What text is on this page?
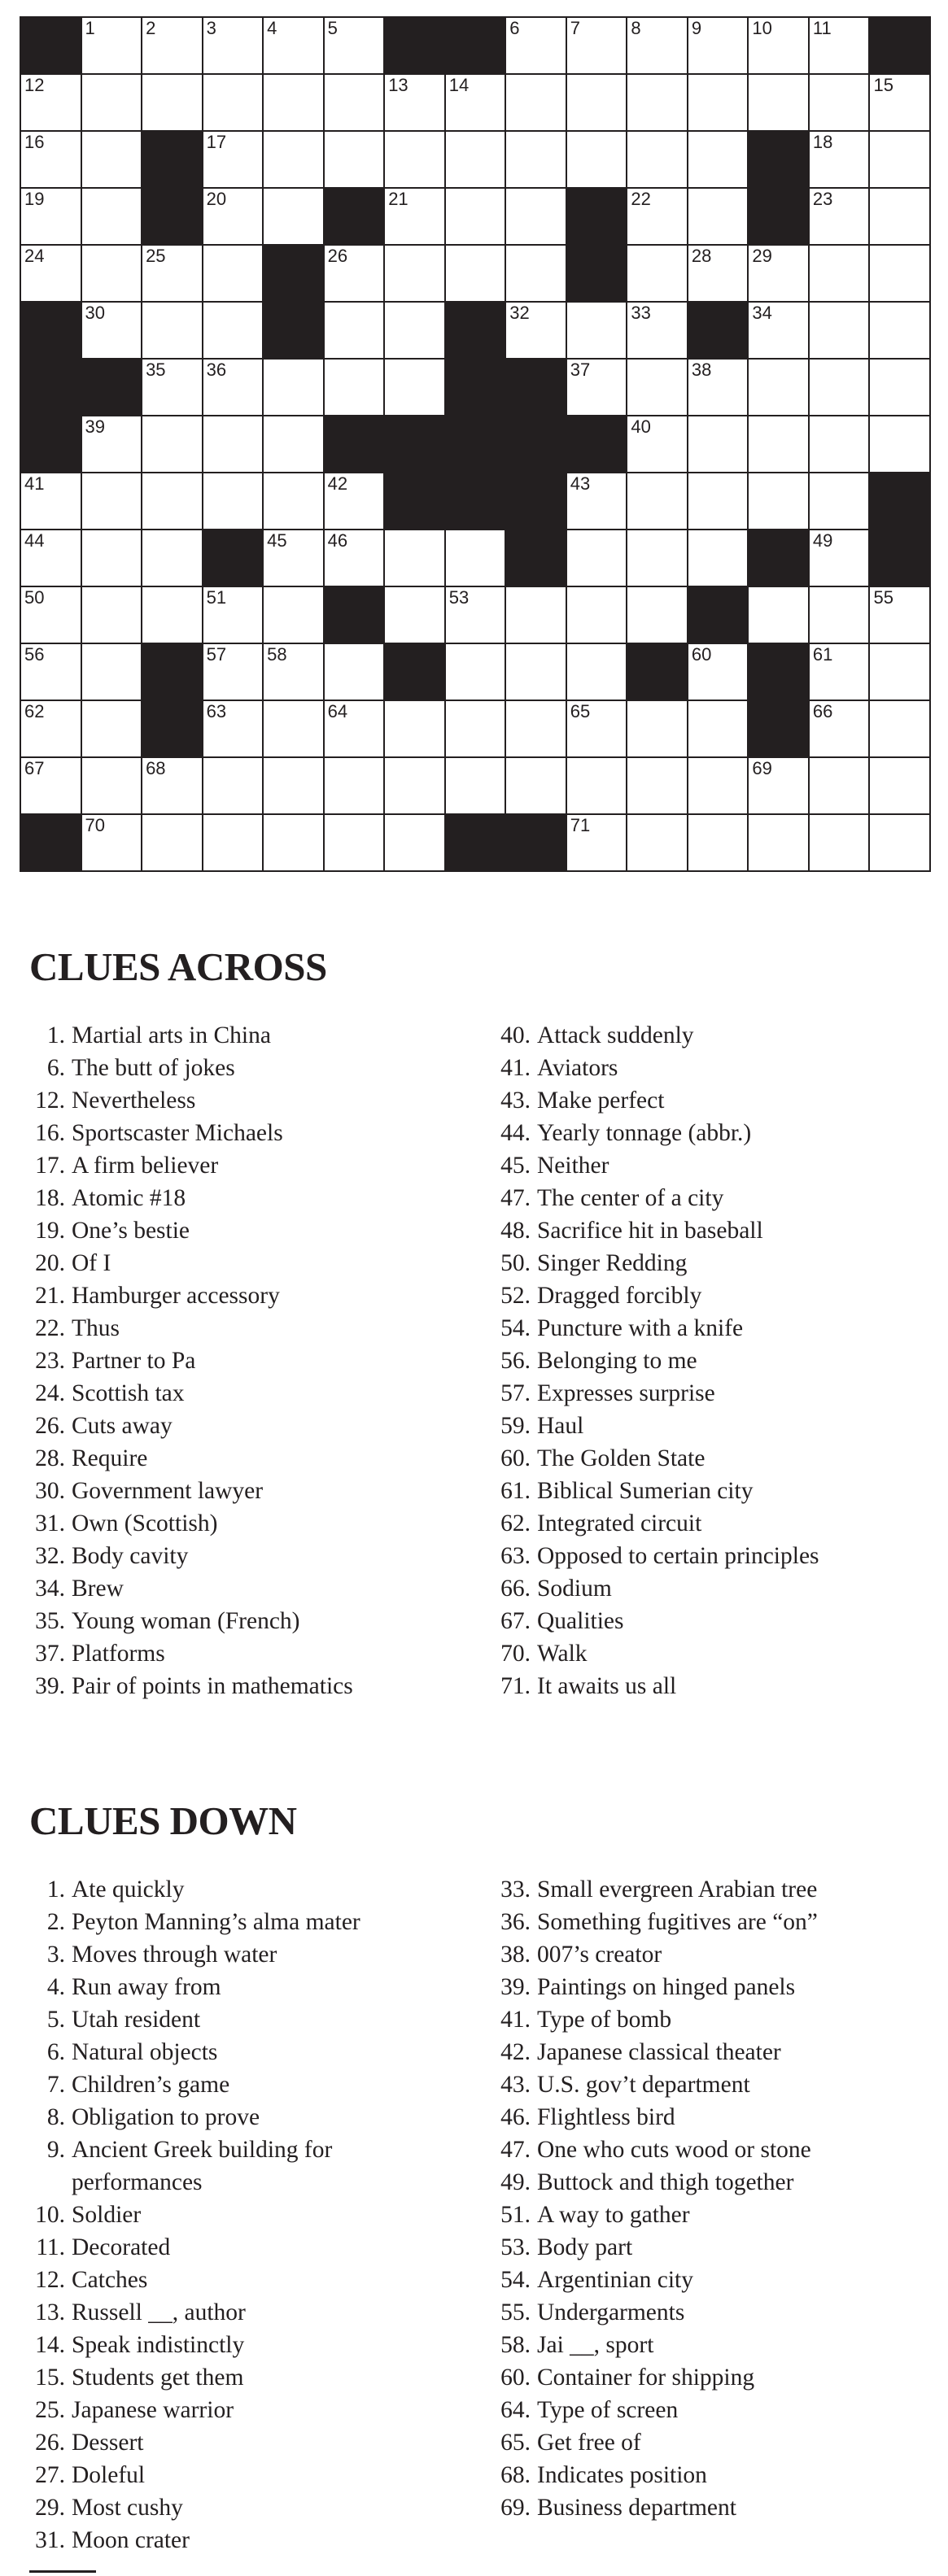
1	2	3	4	5	6	7	8	9	10 11
12	13 14	15
16	17	18
19	20	21	22	23
24	25	26	28 29
30	32	33	34
35 36	37	38
39	40
41	42	43
44	45 46	49
50	51	53	55
56	57 58	60	61
62	63	64	65	66
67	68	69
70	71
CLUES ACROSS
1. Martial arts in China
6. The butt of jokes
12. Nevertheless
16. Sportscaster Michaels
17. A firm believer
18. Atomic #18
19. One’s bestie
20. Of I
21. Hamburger accessory
22. Thus
23. Partner to Pa
24. Scottish tax
26. Cuts away
28. Require
30. Government lawyer
31. Own (Scottish)
32. Body cavity
34. Brew
35. Young woman (French)
37. Platforms
39. Pair of points in mathematics
40. Attack suddenly
41. Aviators
43. Make perfect
44. Yearly tonnage (abbr.)
45. Neither
47. The center of a city
48. Sacrifice hit in baseball
50. Singer Redding
52. Dragged forcibly
54. Puncture with a knife
56. Belonging to me
57. Expresses surprise
59. Haul
60. The Golden State
61. Biblical Sumerian city
62. Integrated circuit
63. Opposed to certain principles
66. Sodium
67. Qualities
70. Walk
71. It awaits us all
CLUES DOWN
1. Ate quickly
2. Peyton Manning’s alma mater
3. Moves through water
4. Run away from
5. Utah resident
6. Natural objects
7. Children’s game
8. Obligation to prove
9. Ancient Greek building for performances
10. Soldier
11. Decorated
12. Catches
13. Russell __, author
14. Speak indistinctly
15. Students get them
25. Japanese warrior
26. Dessert
27. Doleful
29. Most cushy
31. Moon crater
33. Small evergreen Arabian tree
36. Something fugitives are “on”
38. 007’s creator
39. Paintings on hinged panels
41. Type of bomb
42. Japanese classical theater
43. U.S. gov’t department
46. Flightless bird
47. One who cuts wood or stone
49. Buttock and thigh together
51. A way to gather
53. Body part
54. Argentinian city
55. Undergarments
58. Jai __, sport
60. Container for shipping
64. Type of screen
65. Get free of
68. Indicates position
69. Business department
